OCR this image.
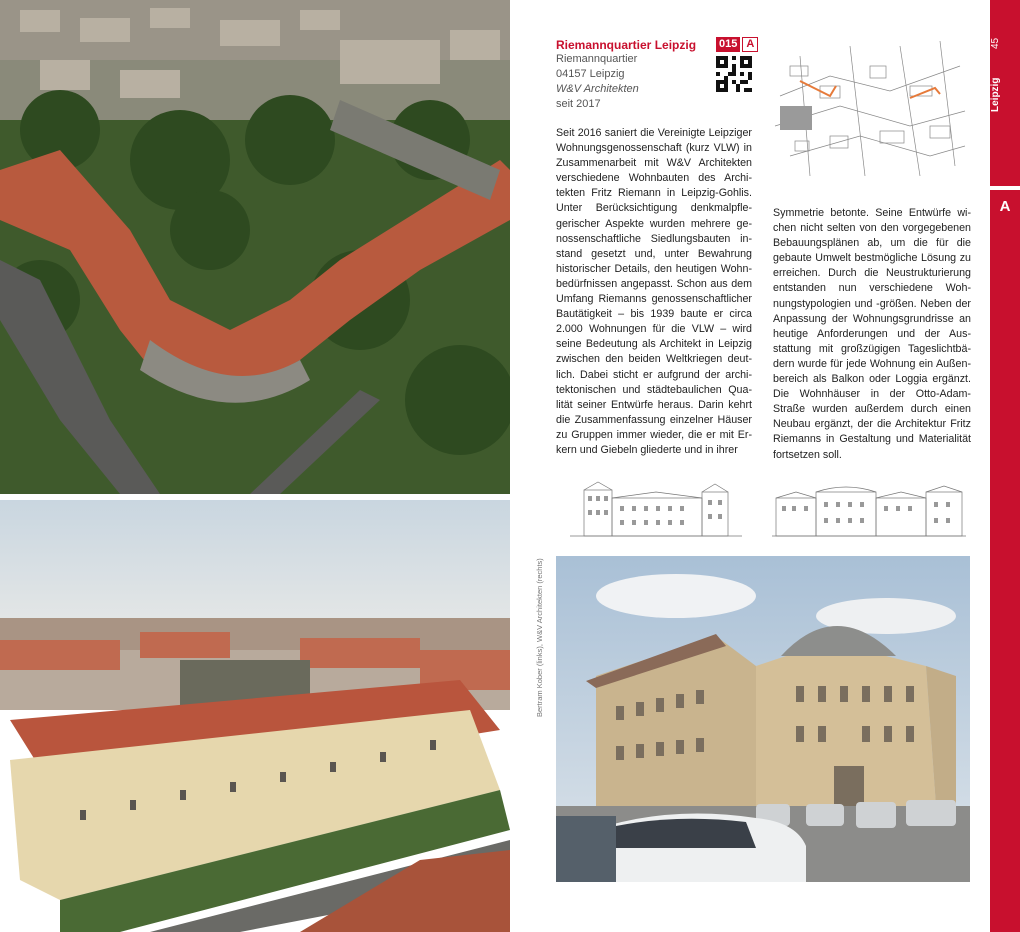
Riemannquartier Leipzig 015 A
Riemannquartier
04157 Leipzig
W&V Architekten
seit 2017
Seit 2016 saniert die Vereinigte Leipziger Wohnungsgenossenschaft (kurz VLW) in Zusammenarbeit mit W&V Architekten verschiedene Wohnbauten des Architekten Fritz Riemann in Leipzig-Gohlis. Unter Berücksichtigung denkmalpflegerischer Aspekte wurden mehrere genossenschaftliche Siedlungsbauten instand gesetzt und, unter Bewahrung historischer Details, den heutigen Wohnbedürfnissen angepasst. Schon aus dem Umfang Riemanns genossenschaftlicher Bautätigkeit – bis 1939 baute er circa 2.000 Wohnungen für die VLW – wird seine Bedeutung als Architekt in Leipzig zwischen den beiden Weltkriegen deutlich. Dabei sticht er aufgrund der architektonischen und städtebaulichen Qualität seiner Entwürfe heraus. Darin kehrt die Zusammenfassung einzelner Häuser zu Gruppen immer wieder, die er mit Erkern und Giebeln gliederte und in ihrer
Symmetrie betonte. Seine Entwürfe wichen nicht selten von den vorgegebenen Bebauungsplänen ab, um die für die gebaute Umwelt bestmögliche Lösung zu erreichen. Durch die Neustrukturierung entstanden nun verschiedene Wohnungstypologien und -größen. Neben der Anpassung der Wohnungsgrundrisse an heutige Anforderungen und der Ausstattung mit großzügigen Tageslichtbädern wurde für jede Wohnung ein Außenbereich als Balkon oder Loggia ergänzt. Die Wohnhäuser in der Otto-Adam-Straße wurden außerdem durch einen Neubau ergänzt, der die Architektur Fritz Riemanns in Gestaltung und Materialität fortsetzen soll.
Bertram Kober (links), W&V Architekten (rechts)
45
Leipzig
A
